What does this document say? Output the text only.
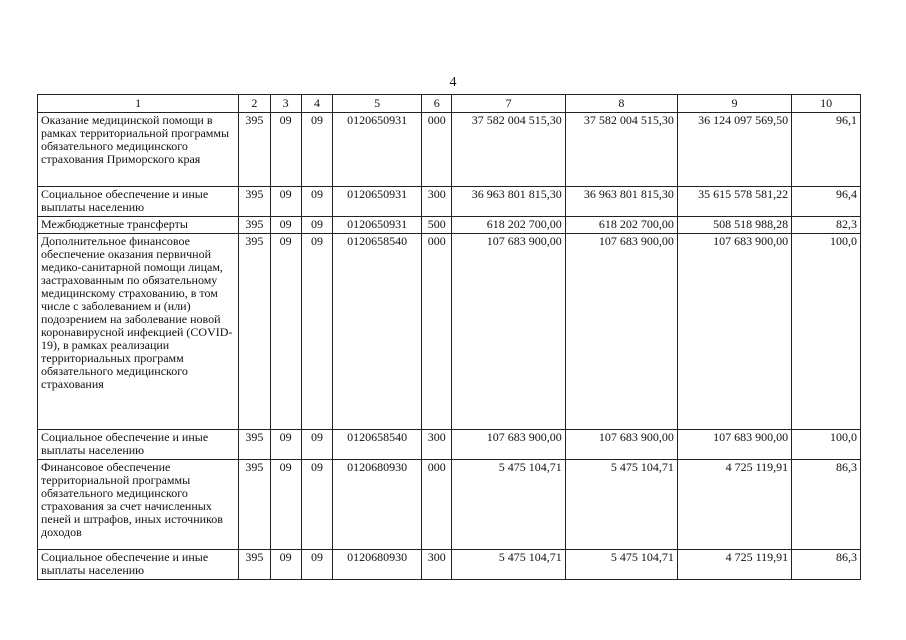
4
1	2	3	4	5	6	7	8	9	10
Оказание медицинской помощи в рамках территориальной программы обязательного медицинского страхования Приморского края	395	09	09	0120650931	000	37 582 004 515,30	37 582 004 515,30	36 124 097 569,50	96,1
Социальное обеспечение и иные выплаты населению	395	09	09	0120650931	300	36 963 801 815,30	36 963 801 815,30	35 615 578 581,22	96,4
Межбюджетные трансферты	395	09	09	0120650931	500	618 202 700,00	618 202 700,00	508 518 988,28	82,3
Дополнительное финансовое обеспечение оказания первичной медико-санитарной помощи лицам, застрахованным по обязательному медицинскому страхованию, в том числе с заболеванием и (или) подозрением на заболевание новой коронавирусной инфекцией (COVID-19), в рамках реализации территориальных программ обязательного медицинского страхования	395	09	09	0120658540	000	107 683 900,00	107 683 900,00	107 683 900,00	100,0
Социальное обеспечение и иные выплаты населению	395	09	09	0120658540	300	107 683 900,00	107 683 900,00	107 683 900,00	100,0
Финансовое обеспечение территориальной программы обязательного медицинского страхования за счет начисленных пеней и штрафов, иных источников доходов	395	09	09	0120680930	000	5 475 104,71	5 475 104,71	4 725 119,91	86,3
Социальное обеспечение и иные выплаты населению	395	09	09	0120680930	300	5 475 104,71	5 475 104,71	4 725 119,91	86,3
